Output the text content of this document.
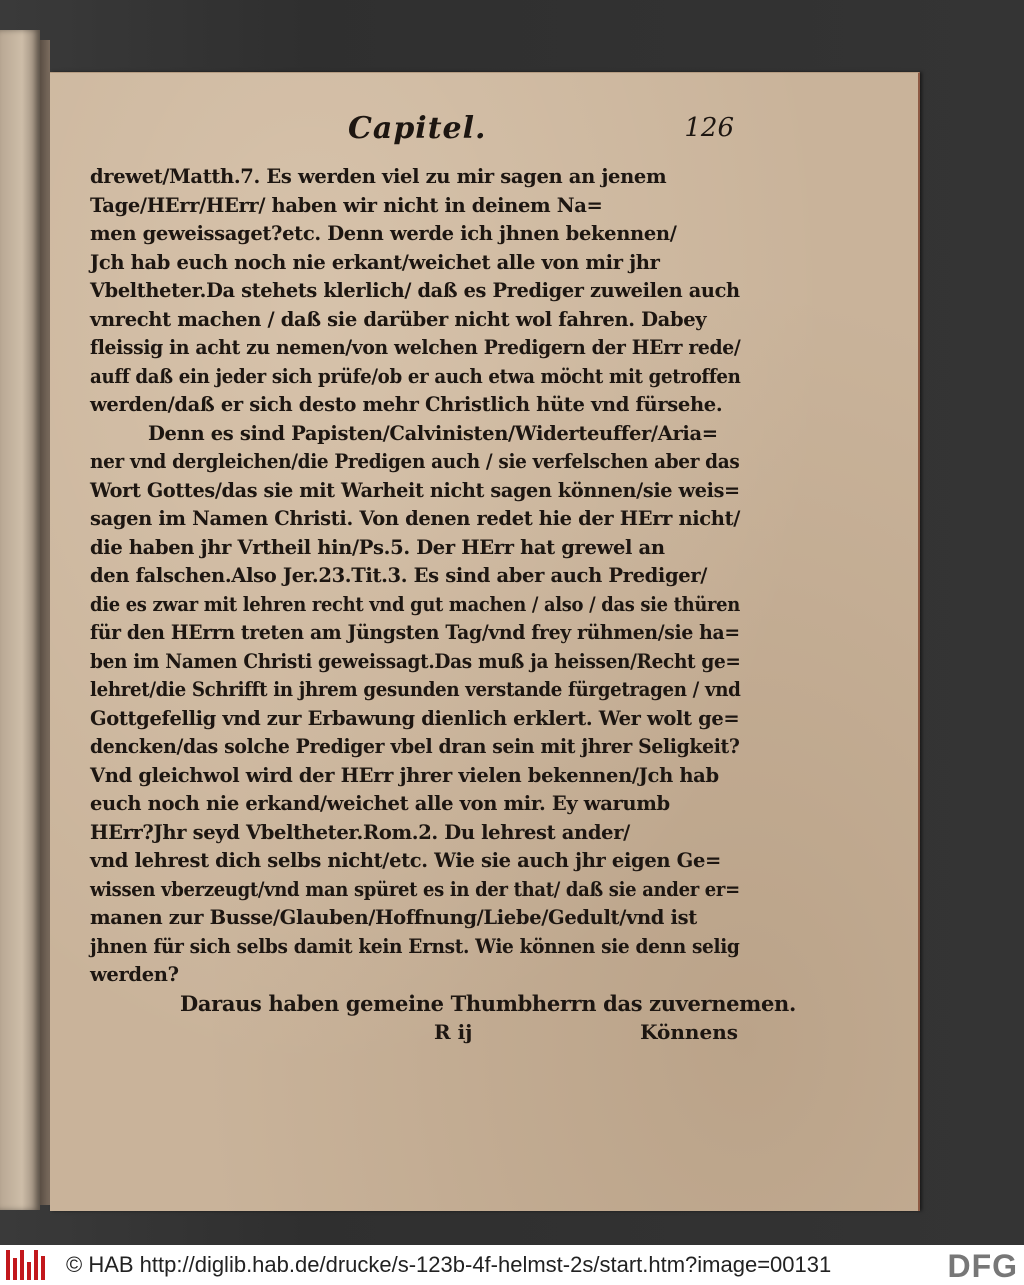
Capitel.	126
drewet/Matth.7. Es werden viel zu mir sagen an jenem
Tage/HErr/HErr/ haben wir nicht in deinem Na=
men geweissaget?etc. Denn werde ich jhnen bekennen/
Jch hab euch noch nie erkant/weichet alle von mir jhr
Vbeltheter.Da stehets klerlich/ daß es Prediger zuweilen auch
vnrecht machen / daß sie darüber nicht wol fahren. Dabey
fleissig in acht zu nemen/von welchen Predigern der HErr rede/
auff daß ein jeder sich prüfe/ob er auch etwa möcht mit getroffen
werden/daß er sich desto mehr Christlich hüte vnd fürsehe.
Denn es sind Papisten/Calvinisten/Widerteuffer/Aria=
ner vnd dergleichen/die Predigen auch / sie verfelschen aber das
Wort Gottes/das sie mit Warheit nicht sagen können/sie weis=
sagen im Namen Christi. Von denen redet hie der HErr nicht/
die haben jhr Vrtheil hin/Ps.5. Der HErr hat grewel an
den falschen.Also Jer.23.Tit.3. Es sind aber auch Prediger/
die es zwar mit lehren recht vnd gut machen / also / das sie thüren
für den HErrn treten am Jüngsten Tag/vnd frey rühmen/sie ha=
ben im Namen Christi geweissagt.Das muß ja heissen/Recht ge=
lehret/die Schrifft in jhrem gesunden verstande fürgetragen / vnd
Gottgefellig vnd zur Erbawung dienlich erklert. Wer wolt ge=
dencken/das solche Prediger vbel dran sein mit jhrer Seligkeit?
Vnd gleichwol wird der HErr jhrer vielen bekennen/Jch hab
euch noch nie erkand/weichet alle von mir. Ey warumb
HErr?Jhr seyd Vbeltheter.Rom.2. Du lehrest ander/
vnd lehrest dich selbs nicht/etc. Wie sie auch jhr eigen Ge=
wissen vberzeugt/vnd man spüret es in der that/ daß sie ander er=
manen zur Busse/Glauben/Hoffnung/Liebe/Gedult/vnd ist
jhnen für sich selbs damit kein Ernst. Wie können sie denn selig
werden?
Daraus haben gemeine Thumbherrn das zuvernemen.
R ij	Könnens
© HAB http://diglib.hab.de/drucke/s-123b-4f-helmst-2s/start.htm?image=00131	DFG
